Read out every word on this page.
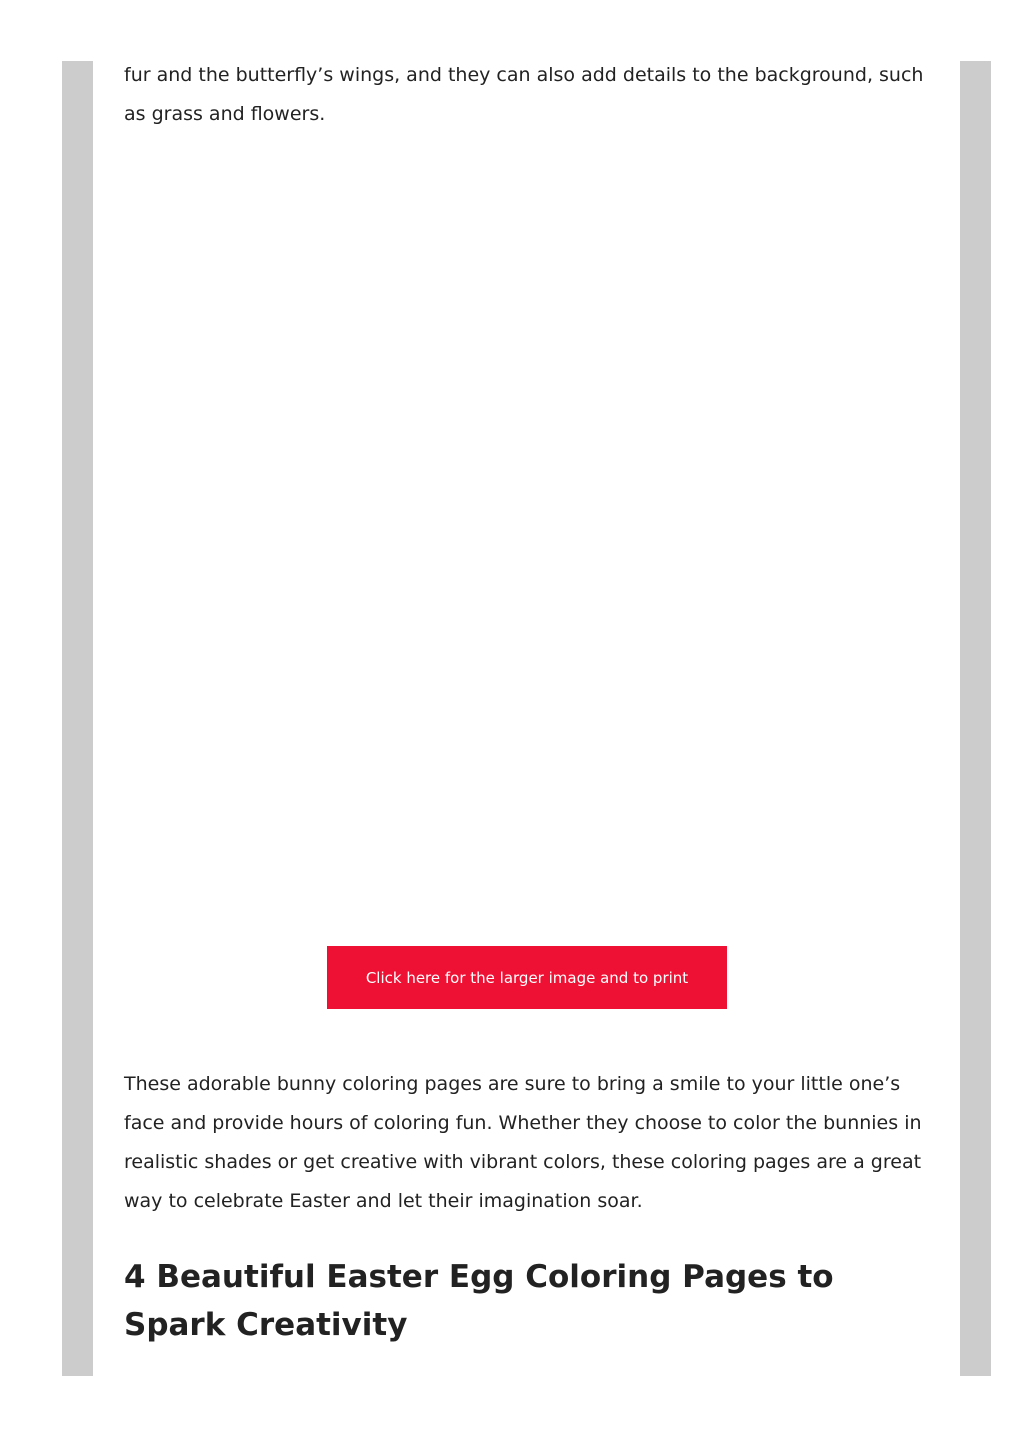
fur and the butterfly’s wings, and they can also add details to the background, such as grass and flowers.

These adorable bunny coloring pages are sure to bring a smile to your little one’s face and provide hours of coloring fun. Whether they choose to color the bunnies in realistic shades or get creative with vibrant colors, these coloring pages are a great way to celebrate Easter and let their imagination soar.

4 Beautiful Easter Egg Coloring Pages to Spark Creativity
Click here for the larger image and to print
